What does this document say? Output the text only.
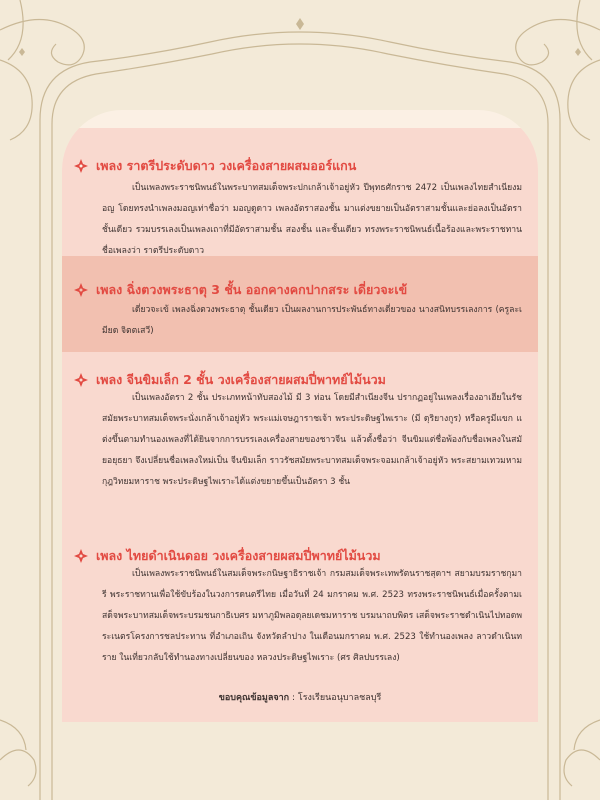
เพลง ราตรีประดับดาว วงเครื่องสายผสมออร์แกน

เป็นเพลงพระราชนิพนธ์ในพระบาทสมเด็จพระปกเกล้าเจ้าอยู่หัว ปีพุทธศักราช 2472 เป็นเพลงไทยสำเนียงมอญ โดยทรงนำเพลงมอญเท่าชื่อว่า มอญดูดาว เพลงอัตราสองชั้น มาแต่งขยายเป็นอัตราสามชั้นและย่อลงเป็นอัตราชั้นเดียว รวมบรรเลงเป็นเพลงเถาที่มีอัตราสามชั้น สองชั้น และชั้นเดียว ทรงพระราชนิพนธ์เนื้อร้องและพระราชทานชื่อเพลงว่า ราตรีประดับดาว

เพลง ฉิ่งตวงพระธาตุ 3 ชั้น ออกคางคกปากสระ เดี่ยวจะเข้

เดี่ยวจะเข้ เพลงฉิ่งตวงพระธาตุ ชั้นเดียว เป็นผลงานการประพันธ์ทางเดี่ยวของ นางสนิทบรรเลงการ (ครูละเมียด จิตตเสวี)

เพลง จีนขิมเล็ก 2 ชั้น วงเครื่องสายผสมปี่พาทย์ไม้นวม

เป็นเพลงอัตรา 2 ชั้น ประเภทหน้าทับสองไม้ มี 3 ท่อน โดยมีสำเนียงจีน ปรากฏอยู่ในเพลงเรื่องอาเฮียในรัชสมัยพระบาทสมเด็จพระนั่งเกล้าเจ้าอยู่หัว พระแม่เจษฎาราชเจ้า พระประดิษฐไพเราะ (มี ดุริยางกูร) หรือครูมีแขก แต่งขึ้นตามทำนองเพลงที่ได้ยินจากการบรรเลงเครื่องสายของชาวจีน แล้วตั้งชื่อว่า จีนขิมแต่ชื่อพ้องกับชื่อเพลงในสมัยอยุธยา จึงเปลี่ยนชื่อเพลงใหม่เป็น จีนขิมเล็ก ราวรัชสมัยพระบาทสมเด็จพระจอมเกล้าเจ้าอยู่หัว พระสยามเทวมหามกุฎวิทยมหาราช พระประดิษฐไพเราะได้แต่งขยายขึ้นเป็นอัตรา 3 ชั้น

เพลง ไทยดำเนินดอย วงเครื่องสายผสมปี่พาทย์ไม้นวม

เป็นเพลงพระราชนิพนธ์ในสมเด็จพระกนิษฐาธิราชเจ้า กรมสมเด็จพระเทพรัตนราชสุดาฯ สยามบรมราชกุมารี พระราชทานเพื่อใช้ขับร้องในวงการดนตรีไทย เมื่อวันที่ 24 มกราคม พ.ศ. 2523 ทรงพระราชนิพนธ์เมื่อครั้งตามเสด็จพระบาทสมเด็จพระบรมชนกาธิเบศร มหาภูมิพลอดุลยเดชมหาราช บรมนาถบพิตร เสด็จพระราชดำเนินไปทอดพระเนตรโครงการชลประทาน ที่อำเภอเถิน จังหวัดลำปาง ในเดือนมกราคม พ.ศ. 2523 ใช้ทำนองเพลง ลาวดำเนินทราย ในเที่ยวกลับใช้ทำนองทางเปลี่ยนของ หลวงประดิษฐไพเราะ (ศร ศิลปบรรเลง)

ขอบคุณข้อมูลจาก : โรงเรียนอนุบาลชลบุรี
